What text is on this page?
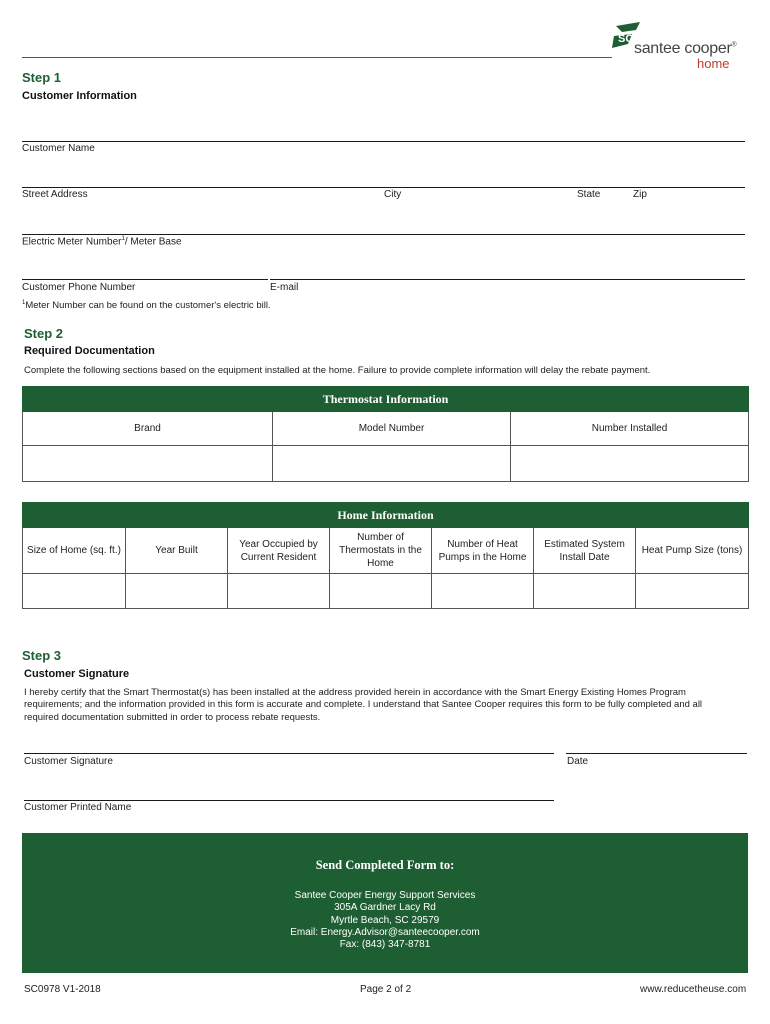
SC
santee cooper®
home
Step 1
Customer Information
Customer Name
Street Address	City	State	Zip
Electric Meter Number$^1$/ Meter Base
Customer Phone Number	E-mail
$^1$Meter Number can be found on the customer's electric bill.
Step 2
Required Documentation
Complete the following sections based on the equipment installed at the home. Failure to provide complete information will delay the rebate payment.
Thermostat Information		
Brand	Model Number	Number Installed

Home Information						
Size of Home (sq. ft.)	Year Built	Year Occupied by Current Resident	Number of Thermostats in the Home	Number of Heat Pumps in the Home	Estimated System Install Date	Heat Pump Size (tons)

Step 3
Customer Signature
I hereby certify that the Smart Thermostat(s) has been installed at the address provided herein in accordance with the Smart Energy Existing Homes Program requirements; and the information provided in this form is accurate and complete. I understand that Santee Cooper requires this form to be fully completed and all required documentation submitted in order to process rebate requests.
Customer Signature	Date
Customer Printed Name
Send Completed Form to:
Santee Cooper Energy Support Services
305A Gardner Lacy Rd
Myrtle Beach, SC 29579
Email: Energy.Advisor@santeecooper.com
Fax: (843) 347-8781
SC0978 V1-2018	Page 2 of 2	www.reducetheuse.com
